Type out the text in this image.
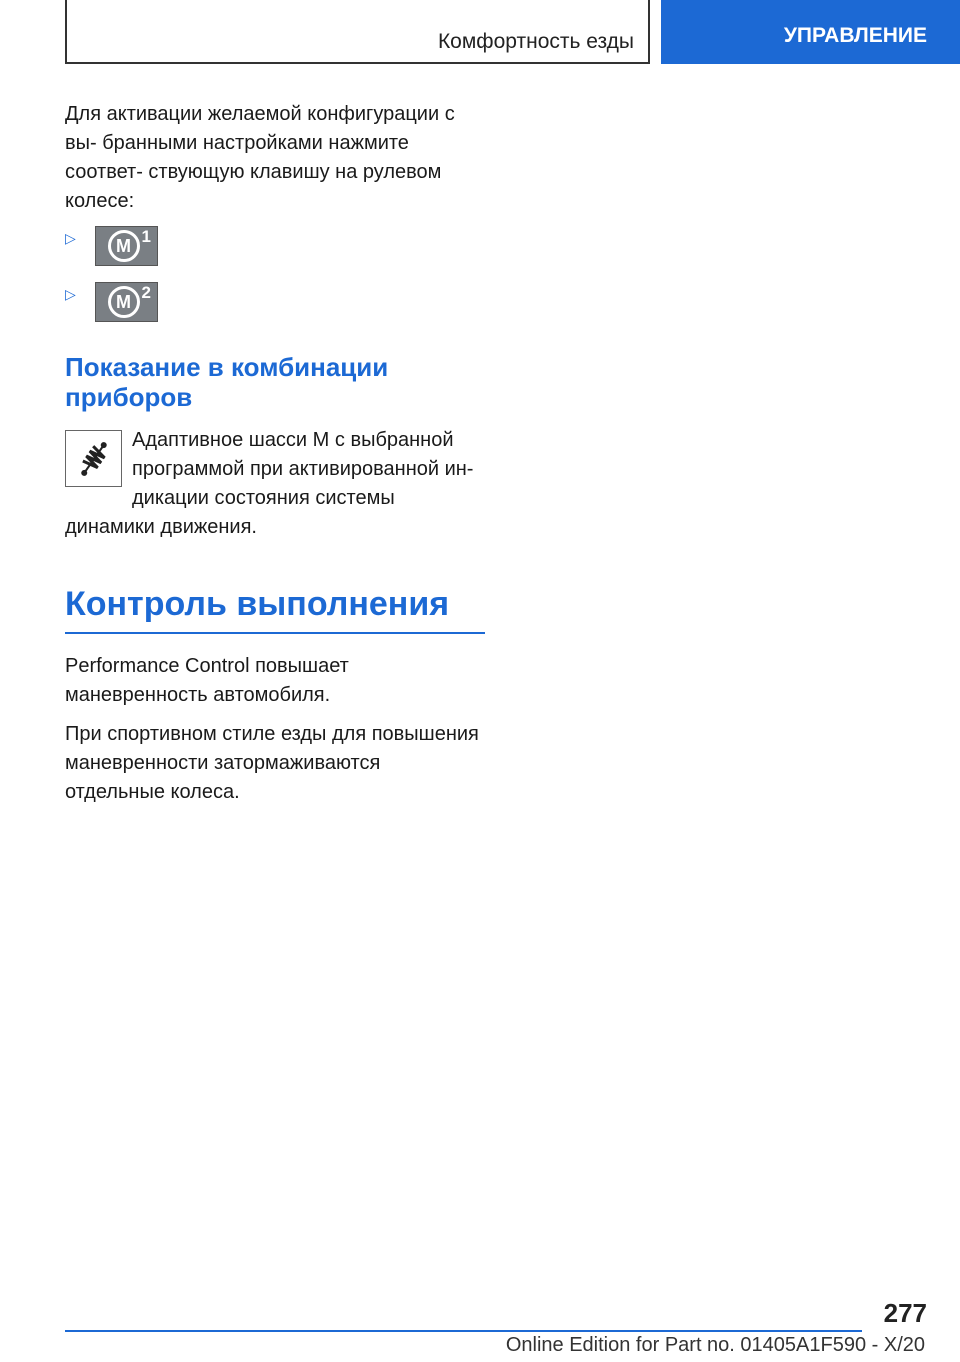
Комфортность езды	УПРАВЛЕНИЕ

Для активации желаемой конфигурации с вы- бранными настройками нажмите соответ- ствующую клавишу на рулевом колесе:

▷	M 1
▷	M 2
Показание в комбинации приборов
Адаптивное шасси M с выбранной программой при активированной ин- дикации состояния системы динамики движения.
Контроль выполнения

Performance Control повышает маневренность автомобиля.

При спортивном стиле езды для повышения маневренности затормаживаются отдельные колеса.

277
Online Edition for Part no. 01405A1F590 - X/20
